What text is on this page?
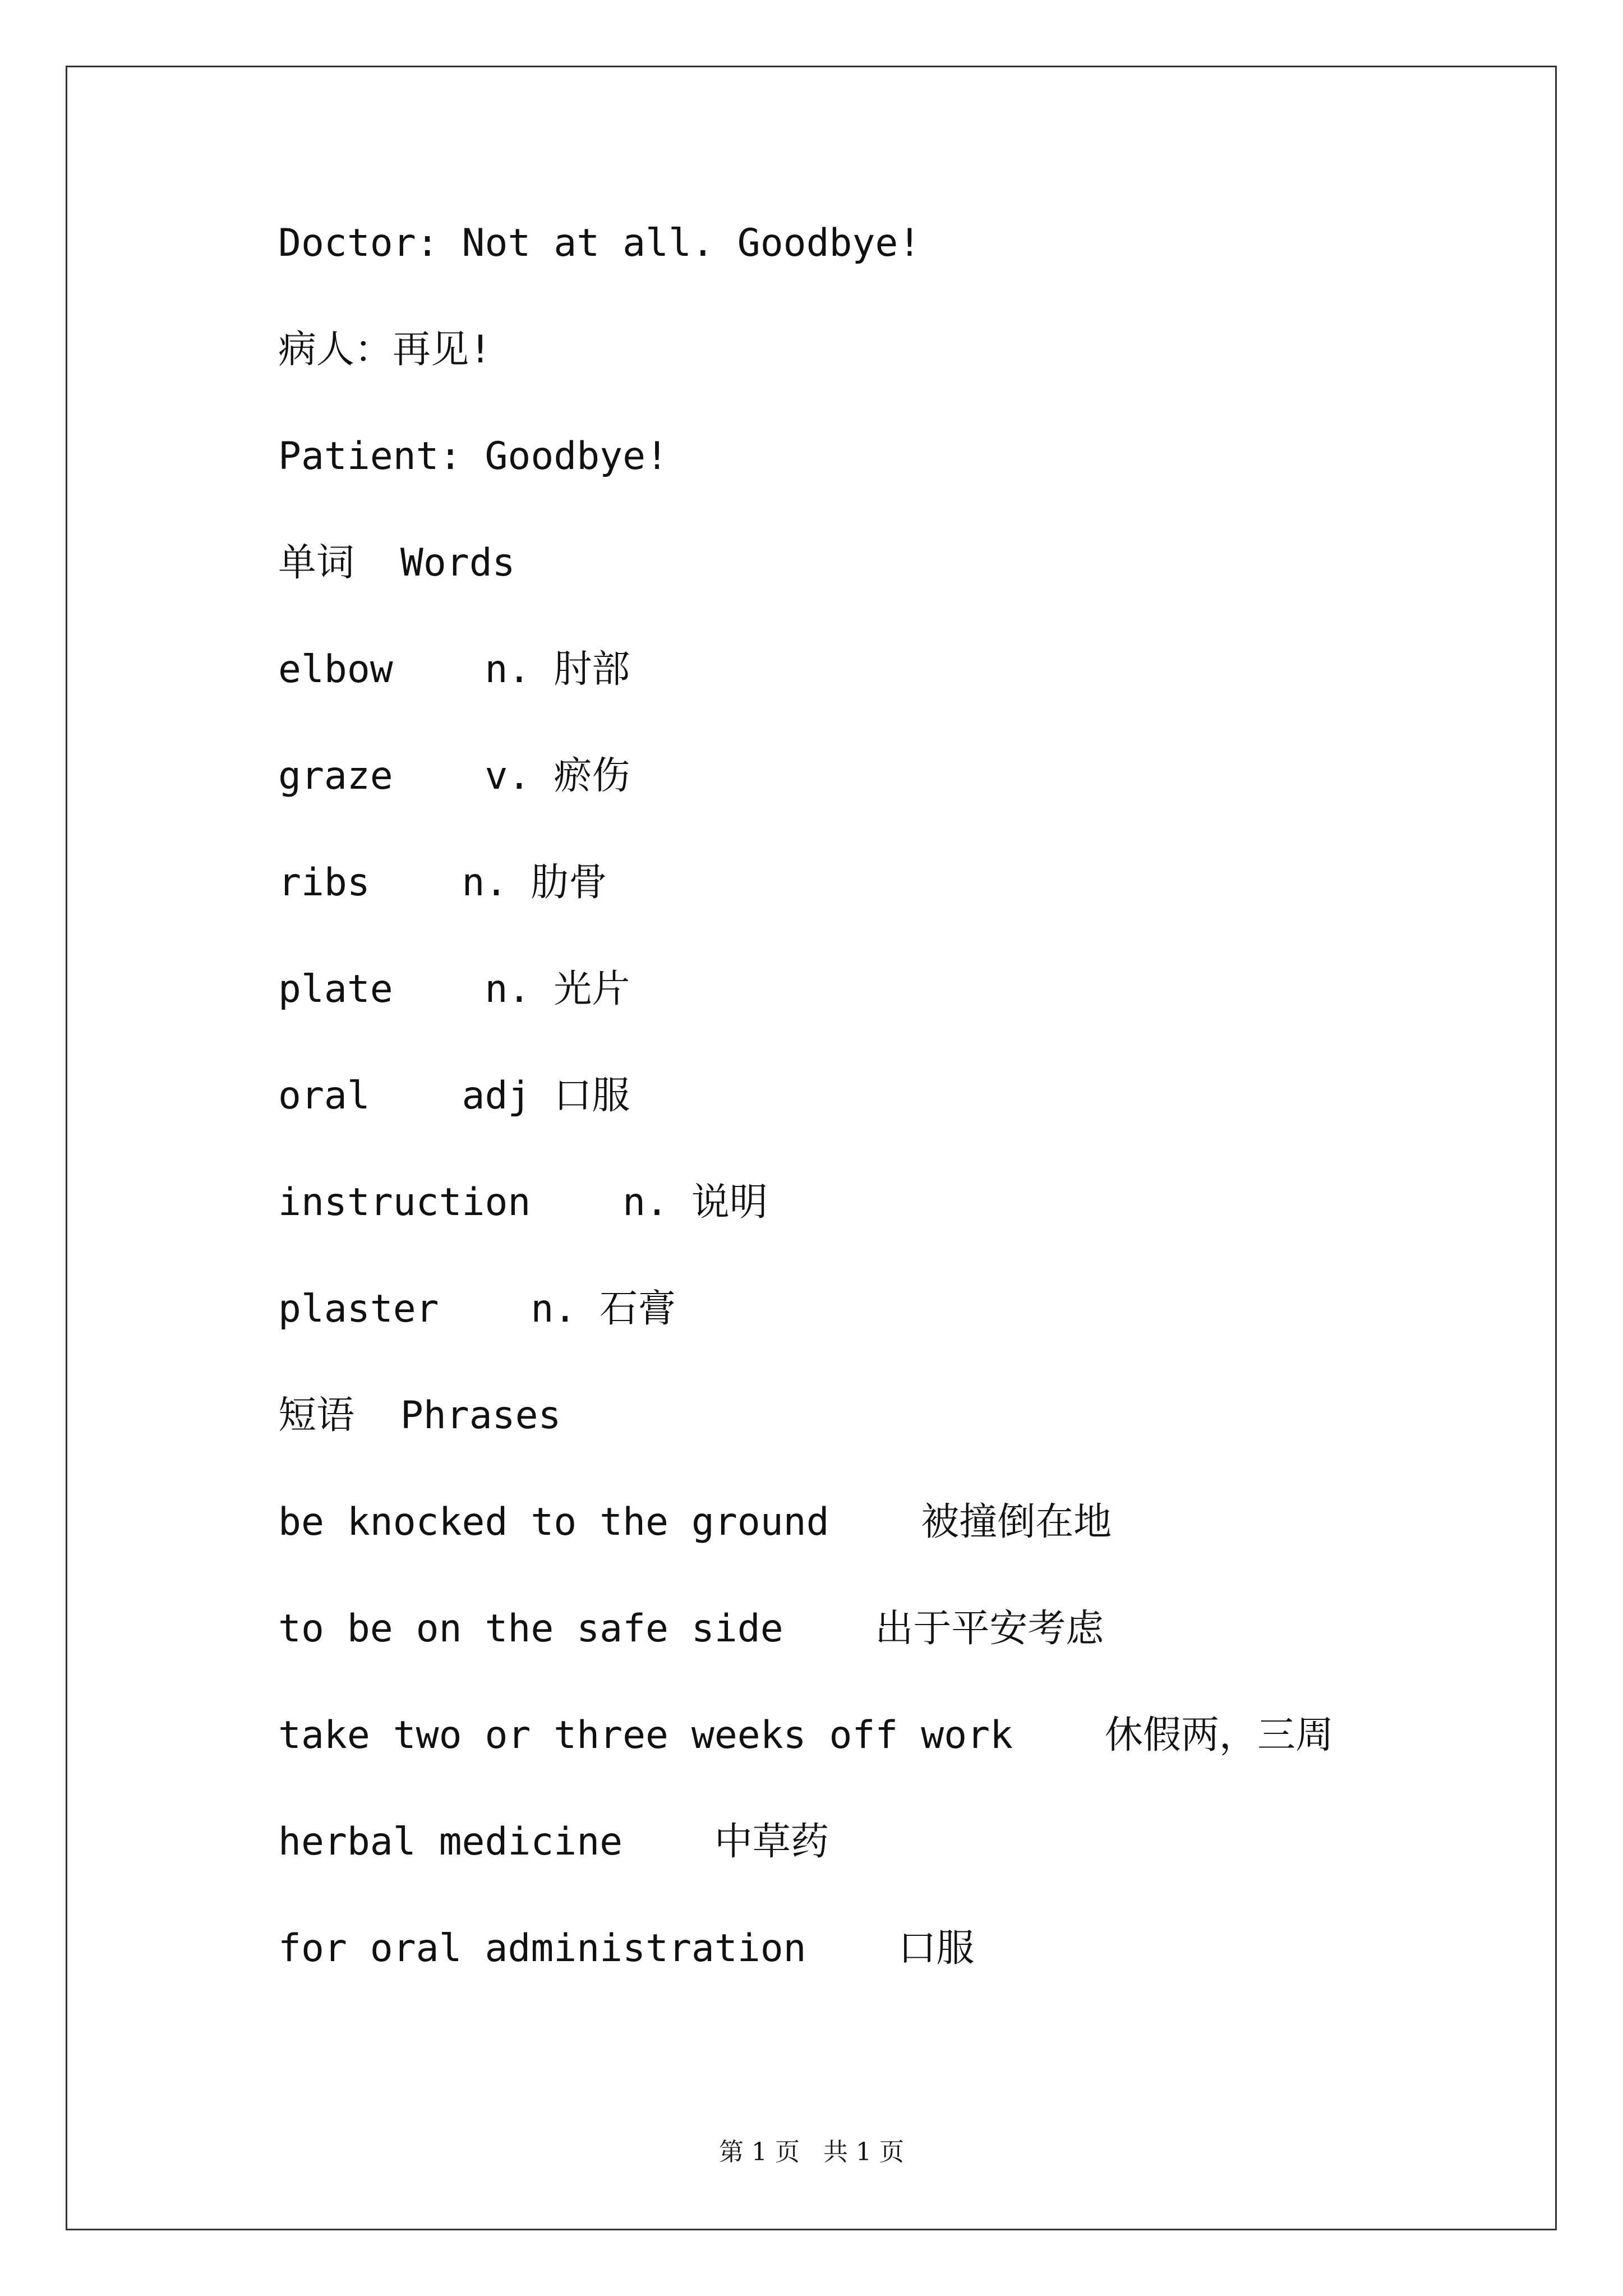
Doctor: Not at all. Goodbye!
病人：再见!
Patient: Goodbye!
单词  Words
elbow    n. 肘部
graze    v. 瘀伤
ribs    n. 肋骨
plate    n. 光片
oral    adj 口服
instruction    n. 说明
plaster    n. 石膏
短语  Phrases
be knocked to the ground    被撞倒在地
to be on the safe side    出于平安考虑
take two or three weeks off work    休假两，三周
herbal medicine    中草药
for oral administration    口服
第 1 页   共 1 页
